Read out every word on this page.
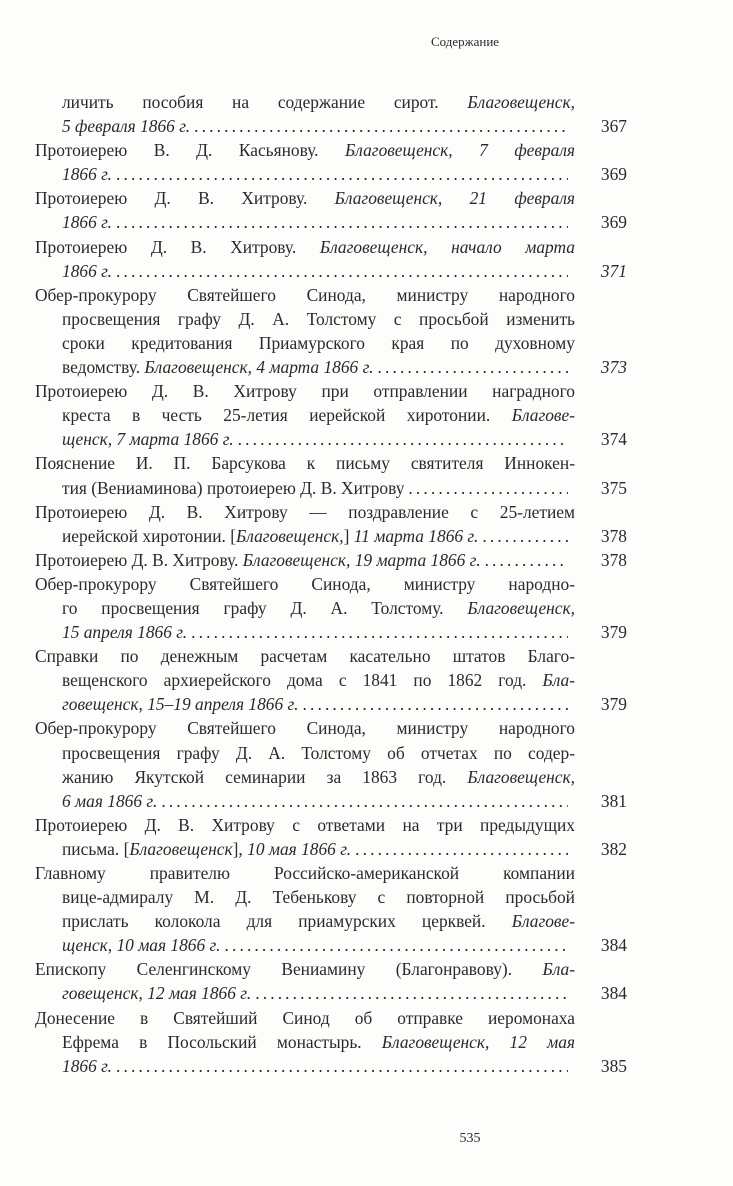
Содержание
личить пособия на содержание сирот. Благовещенск,
5 февраля 1866 г. . . .	367
Протоиерею В. Д. Касьянову. Благовещенск, 7 февраля
1866 г. . . .	369
Протоиерею Д. В. Хитрову. Благовещенск, 21 февраля
1866 г. . . .	369
Протоиерею Д. В. Хитрову. Благовещенск, начало марта
1866 г. . . .	371
Обер-прокурору Святейшего Синода, министру народного
просвещения графу Д. А. Толстому с просьбой изменить
сроки кредитования Приамурского края по духовному
ведомству. Благовещенск, 4 марта 1866 г. . . .	373
Протоиерею Д. В. Хитрову при отправлении наградного
креста в честь 25-летия иерейской хиротонии. Благове-
щенск, 7 марта 1866 г. . . .	374
Пояснение И. П. Барсукова к письму святителя Иннокен-
тия (Вениаминова) протоиерею Д. В. Хитрову . . .	375
Протоиерею Д. В. Хитрову — поздравление с 25-летием
иерейской хиротонии. [Благовещенск,] 11 марта 1866 г. . . .	378
Протоиерею Д. В. Хитрову. Благовещенск, 19 марта 1866 г. . . .	378
Обер-прокурору Святейшего Синода, министру народно-
го просвещения графу Д. А. Толстому. Благовещенск,
15 апреля 1866 г. . . .	379
Справки по денежным расчетам касательно штатов Благо-
вещенского архиерейского дома с 1841 по 1862 год. Бла-
говещенск, 15–19 апреля 1866 г. . . .	379
Обер-прокурору Святейшего Синода, министру народного
просвещения графу Д. А. Толстому об отчетах по содер-
жанию Якутской семинарии за 1863 год. Благовещенск,
6 мая 1866 г. . . .	381
Протоиерею Д. В. Хитрову с ответами на три предыдущих
письма. [Благовещенск], 10 мая 1866 г. . . .	382
Главному правителю Российско-американской компании
вице-адмиралу М. Д. Тебенькову с повторной просьбой
прислать колокола для приамурских церквей. Благове-
щенск, 10 мая 1866 г. . . .	384
Епископу Селенгинскому Вениамину (Благонравову). Бла-
говещенск, 12 мая 1866 г. . . .	384
Донесение в Святейший Синод об отправке иеромонаха
Ефрема в Посольский монастырь. Благовещенск, 12 мая
1866 г. . . .	385
535
